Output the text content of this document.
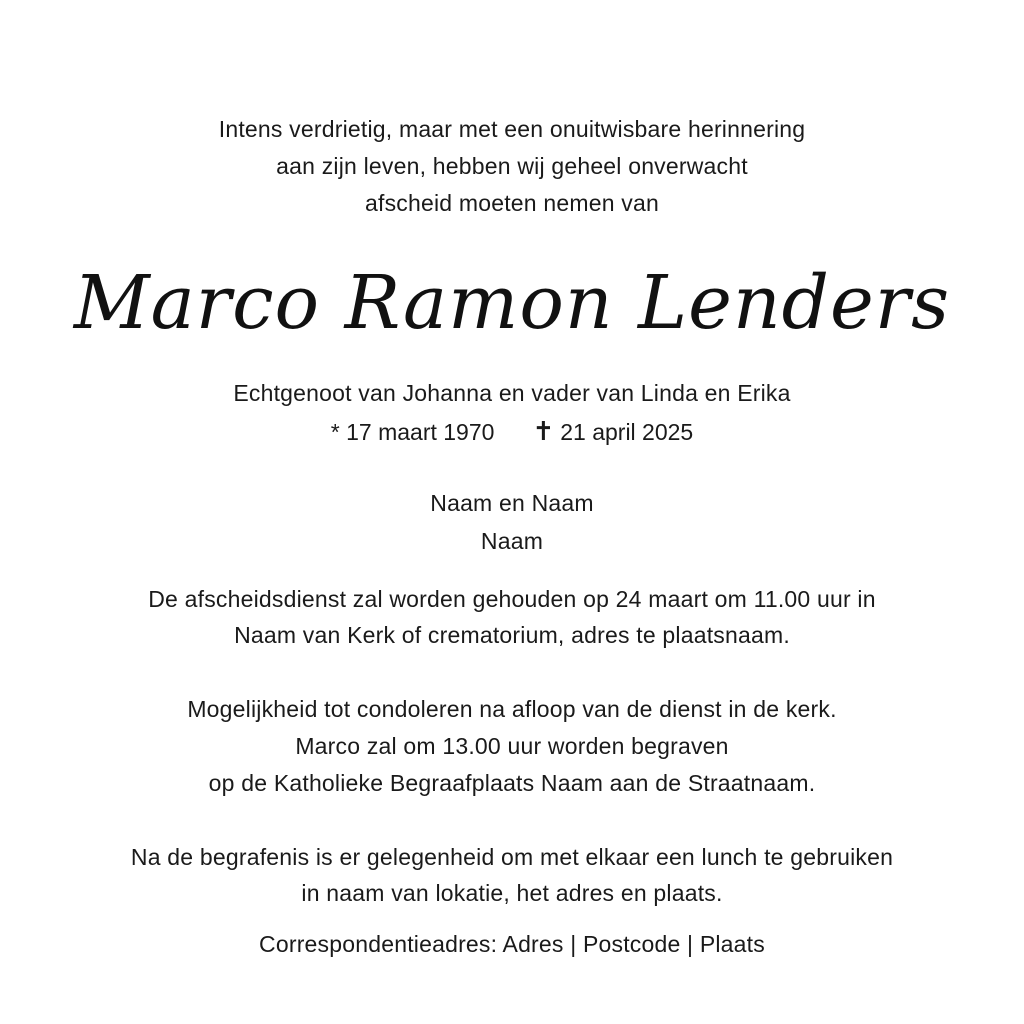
Intens verdrietig, maar met een onuitwisbare herinnering
aan zijn leven, hebben wij geheel onverwacht
afscheid moeten nemen van
Marco Ramon Lenders
Echtgenoot van Johanna en vader van Linda en Erika
* 17 maart 1970 ✝ 21 april 2025
Naam en Naam
Naam
De afscheidsdienst zal worden gehouden op 24 maart om 11.00 uur in
Naam van Kerk of crematorium, adres te plaatsnaam.
Mogelijkheid tot condoleren na afloop van de dienst in de kerk.
Marco zal om 13.00 uur worden begraven
op de Katholieke Begraafplaats Naam aan de Straatnaam.
Na de begrafenis is er gelegenheid om met elkaar een lunch te gebruiken
in naam van lokatie, het adres en plaats.
Correspondentieadres: Adres | Postcode | Plaats
